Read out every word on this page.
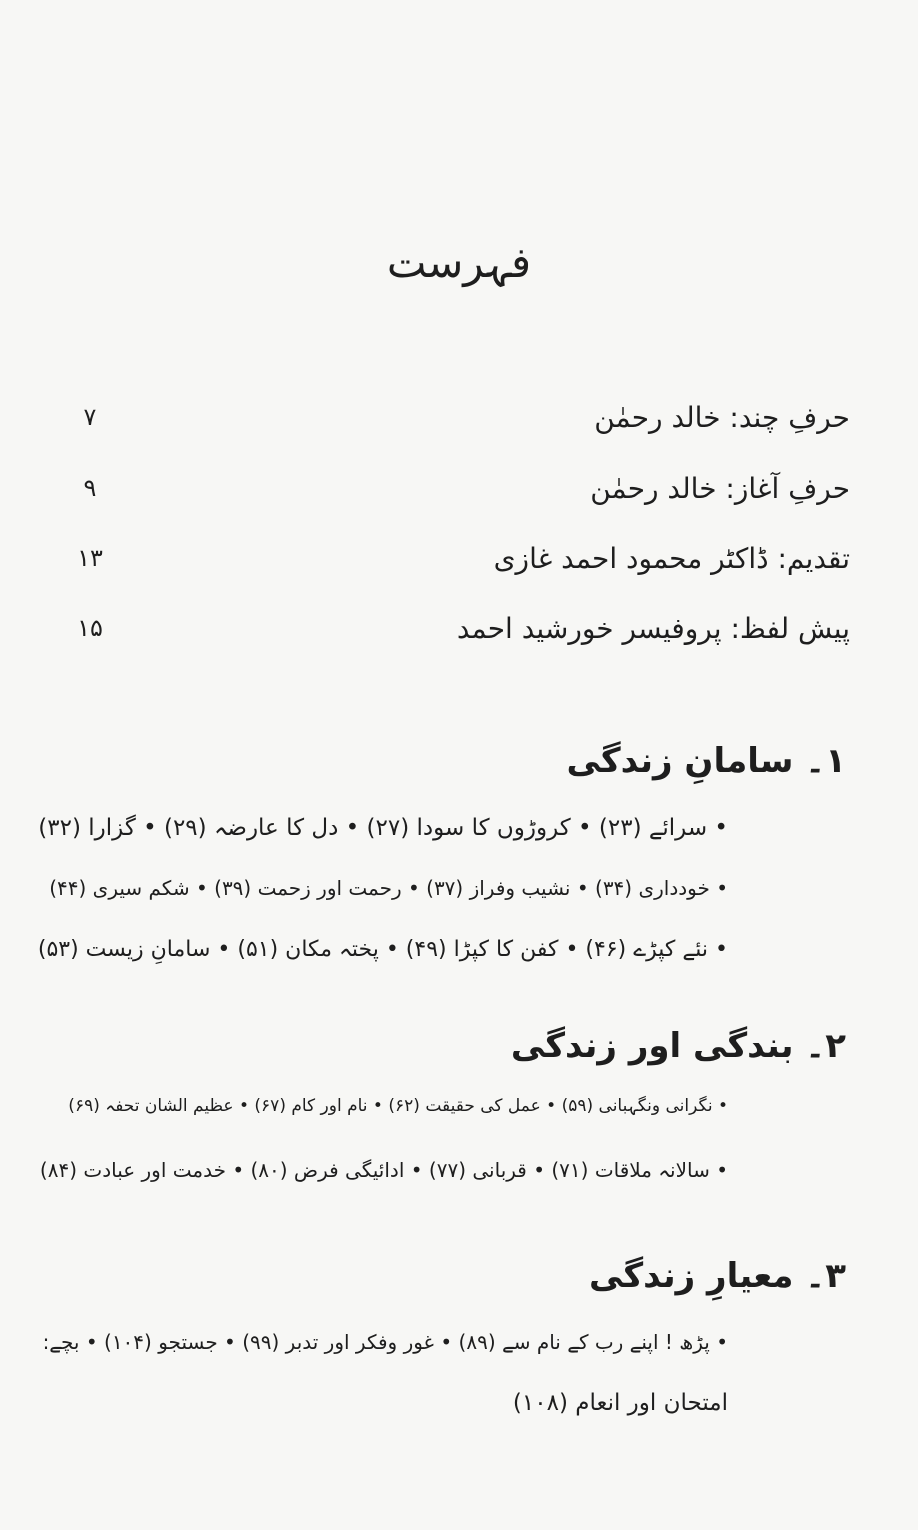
فہرست
حرفِ چند: خالد رحمٰن
۷
حرفِ آغاز: خالد رحمٰن
۹
تقدیم: ڈاکٹر محمود احمد غازی
۱۳
پیش لفظ: پروفیسر خورشید احمد
۱۵
۱۔ سامانِ زندگی
• سرائے (۲۳) • کروڑوں کا سودا (۲۷) • دل کا عارضہ (۲۹) • گزارا (۳۲)
• خودداری (۳۴) • نشیب وفراز (۳۷) • رحمت اور زحمت (۳۹) • شکم سیری (۴۴)
• نئے کپڑے (۴۶) • کفن کا کپڑا (۴۹) • پختہ مکان (۵۱) • سامانِ زیست (۵۳)
۲۔ بندگی اور زندگی
• نگرانی ونگہبانی (۵۹) • عمل کی حقیقت (۶۲) • نام اور کام (۶۷) • عظیم الشان تحفہ (۶۹)
• سالانہ ملاقات (۷۱) • قربانی (۷۷) • ادائیگی فرض (۸۰) • خدمت اور عبادت (۸۴)
۳۔ معیارِ زندگی
• پڑھ ! اپنے رب کے نام سے (۸۹) • غور وفکر اور تدبر (۹۹) • جستجو (۱۰۴) • بچے:
امتحان اور انعام (۱۰۸)
